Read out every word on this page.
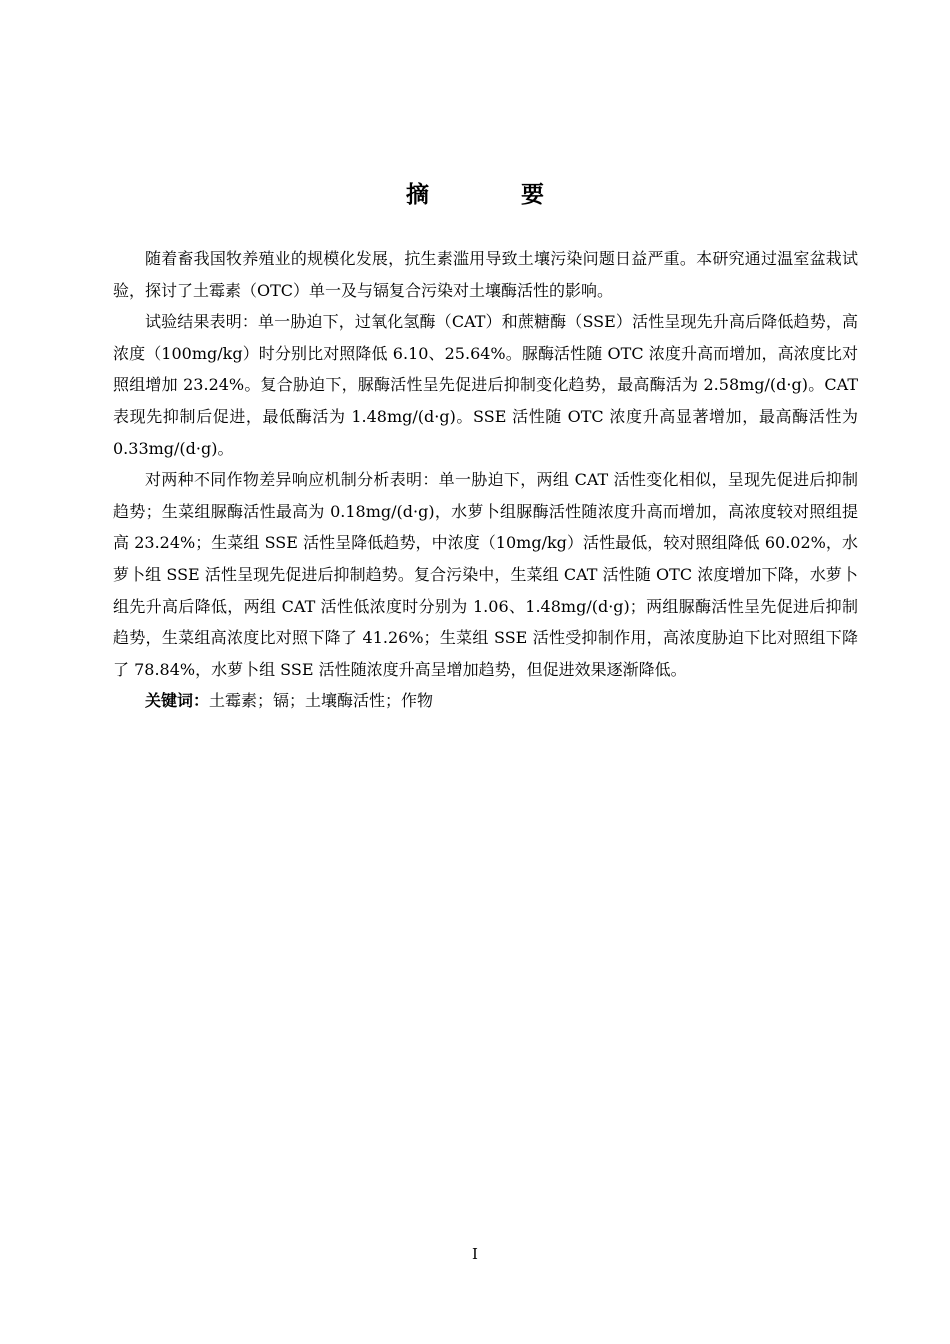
摘 要

随着畜我国牧养殖业的规模化发展，抗生素滥用导致土壤污染问题日益严重。本研究通过温室盆栽试验，探讨了土霉素（OTC）单一及与镉复合污染对土壤酶活性的影响。

试验结果表明：单一胁迫下，过氧化氢酶（CAT）和蔗糖酶（SSE）活性呈现先升高后降低趋势，高浓度（100mg/kg）时分别比对照降低 6.10、25.64%。脲酶活性随 OTC 浓度升高而增加，高浓度比对照组增加 23.24%。复合胁迫下，脲酶活性呈先促进后抑制变化趋势，最高酶活为 2.58mg/(d·g)。CAT 表现先抑制后促进，最低酶活为 1.48mg/(d·g)。SSE 活性随 OTC 浓度升高显著增加，最高酶活性为 0.33mg/(d·g)。

对两种不同作物差异响应机制分析表明：单一胁迫下，两组 CAT 活性变化相似，呈现先促进后抑制趋势；生菜组脲酶活性最高为 0.18mg/(d·g)，水萝卜组脲酶活性随浓度升高而增加，高浓度较对照组提高 23.24%；生菜组 SSE 活性呈降低趋势，中浓度（10mg/kg）活性最低，较对照组降低 60.02%，水萝卜组 SSE 活性呈现先促进后抑制趋势。复合污染中，生菜组 CAT 活性随 OTC 浓度增加下降，水萝卜组先升高后降低，两组 CAT 活性低浓度时分别为 1.06、1.48mg/(d·g)；两组脲酶活性呈先促进后抑制趋势，生菜组高浓度比对照下降了 41.26%；生菜组 SSE 活性受抑制作用，高浓度胁迫下比对照组下降了 78.84%，水萝卜组 SSE 活性随浓度升高呈增加趋势，但促进效果逐渐降低。

关键词：土霉素；镉；土壤酶活性；作物

I
